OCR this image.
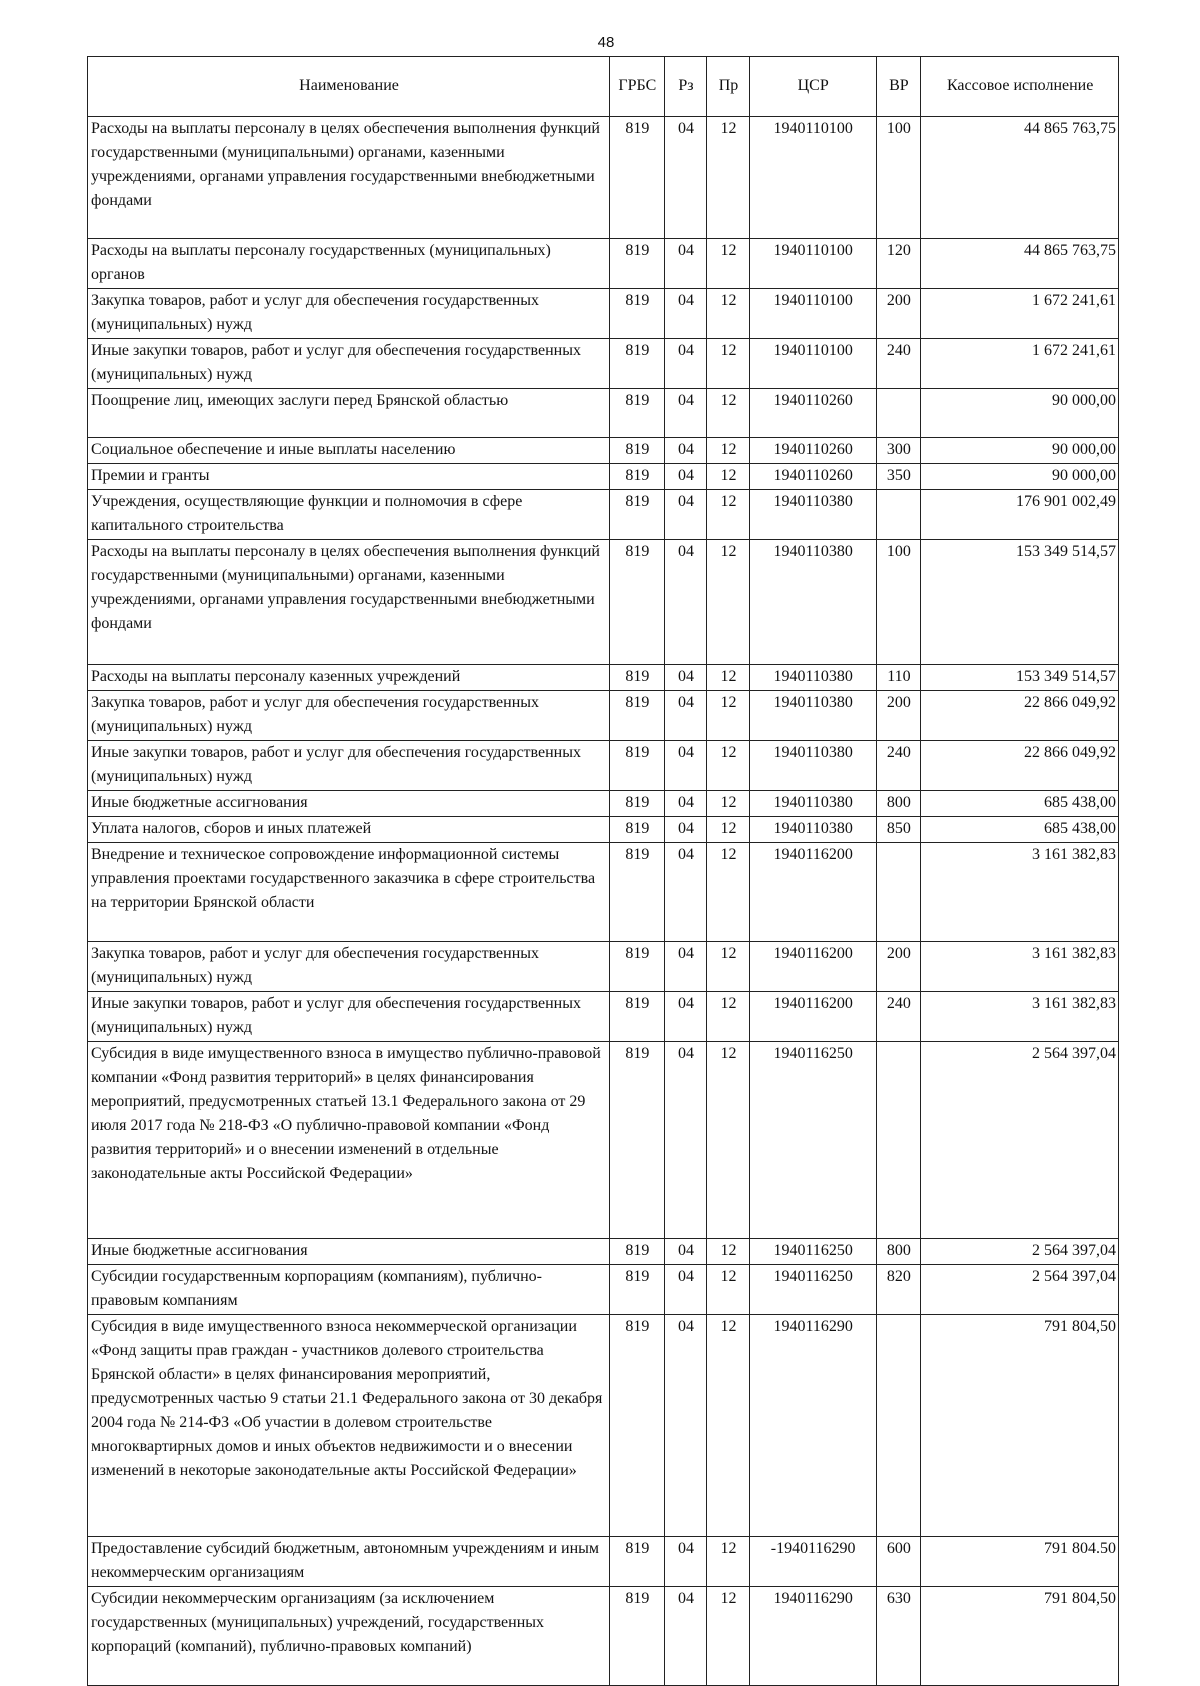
48
Наименование	ГРБС	Рз	Пр	ЦСР	ВР	Кассовое исполнение
Расходы на выплаты персоналу в целях обеспечения выполнения функций государственными (муниципальными) органами, казенными учреждениями, органами управления государственными внебюджетными фондами	819	04	12	1940110100	100	44 865 763,75
Расходы на выплаты персоналу государственных (муниципальных) органов	819	04	12	1940110100	120	44 865 763,75
Закупка товаров, работ и услуг для обеспечения государственных (муниципальных) нужд	819	04	12	1940110100	200	1 672 241,61
Иные закупки товаров, работ и услуг для обеспечения государственных (муниципальных) нужд	819	04	12	1940110100	240	1 672 241,61
Поощрение лиц, имеющих заслуги перед Брянской областью	819	04	12	1940110260		90 000,00
Социальное обеспечение и иные выплаты населению	819	04	12	1940110260	300	90 000,00
Премии и гранты	819	04	12	1940110260	350	90 000,00
Учреждения, осуществляющие функции и полномочия в сфере капитального строительства	819	04	12	1940110380		176 901 002,49
Расходы на выплаты персоналу в целях обеспечения выполнения функций государственными (муниципальными) органами, казенными учреждениями, органами управления государственными внебюджетными фондами	819	04	12	1940110380	100	153 349 514,57
Расходы на выплаты персоналу казенных учреждений	819	04	12	1940110380	110	153 349 514,57
Закупка товаров, работ и услуг для обеспечения государственных (муниципальных) нужд	819	04	12	1940110380	200	22 866 049,92
Иные закупки товаров, работ и услуг для обеспечения государственных (муниципальных) нужд	819	04	12	1940110380	240	22 866 049,92
Иные бюджетные ассигнования	819	04	12	1940110380	800	685 438,00
Уплата налогов, сборов и иных платежей	819	04	12	1940110380	850	685 438,00
Внедрение и техническое сопровождение информационной системы управления проектами государственного заказчика в сфере строительства на территории Брянской области	819	04	12	1940116200		3 161 382,83
Закупка товаров, работ и услуг для обеспечения государственных (муниципальных) нужд	819	04	12	1940116200	200	3 161 382,83
Иные закупки товаров, работ и услуг для обеспечения государственных (муниципальных) нужд	819	04	12	1940116200	240	3 161 382,83
Субсидия в виде имущественного взноса в имущество публично-правовой компании «Фонд развития территорий» в целях финансирования мероприятий, предусмотренных статьей 13.1 Федерального закона от 29 июля 2017 года № 218-ФЗ «О публично-правовой компании «Фонд развития территорий» и о внесении изменений в отдельные законодательные акты Российской Федерации»	819	04	12	1940116250		2 564 397,04
Иные бюджетные ассигнования	819	04	12	1940116250	800	2 564 397,04
Субсидии государственным корпорациям (компаниям), публично-правовым компаниям	819	04	12	1940116250	820	2 564 397,04
Субсидия в виде имущественного взноса некоммерческой организации «Фонд защиты прав граждан - участников долевого строительства Брянской области» в целях финансирования мероприятий, предусмотренных частью 9 статьи 21.1 Федерального закона от 30 декабря 2004 года № 214-ФЗ «Об участии в долевом строительстве многоквартирных домов и иных объектов недвижимости и о внесении изменений в некоторые законодательные акты Российской Федерации»	819	04	12	1940116290		791 804,50
Предоставление субсидий бюджетным, автономным учреждениям и иным некоммерческим организациям	819	04	12	-1940116290	600	791 804.50
Субсидии некоммерческим организациям (за исключением государственных (муниципальных) учреждений, государственных корпораций (компаний), публично-правовых компаний)	819	04	12	1940116290	630	791 804,50
